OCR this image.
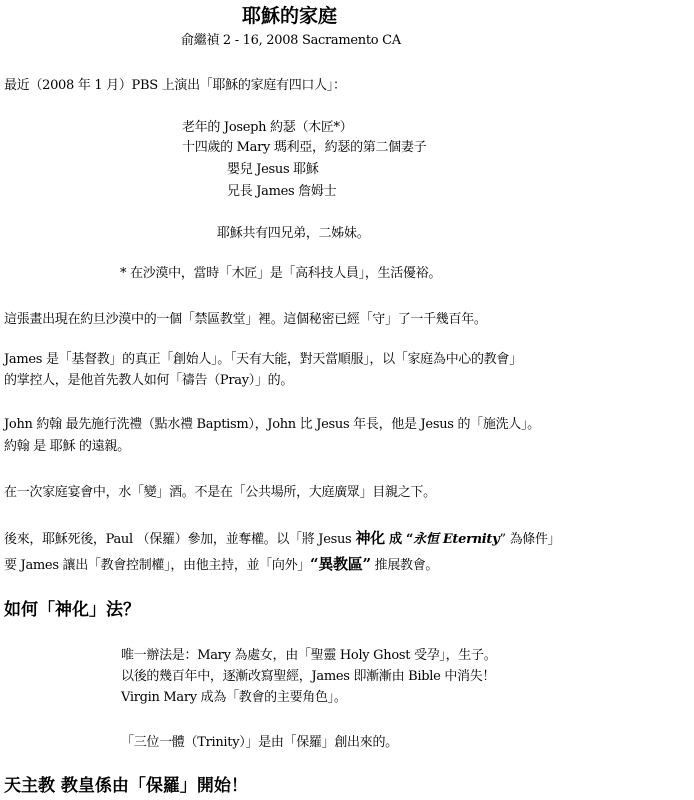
耶穌的家庭
俞繼禎 2 - 16, 2008 Sacramento CA
最近（2008 年 1 月）PBS 上演出「耶穌的家庭有四口人」：
老年的 Joseph 約瑟（木匠*）
十四歲的 Mary 瑪利亞，約瑟的第二個妻子
嬰兒 Jesus 耶穌
兄長 James 詹姆士
耶穌共有四兄弟，二姊妹。
* 在沙漠中，當時「木匠」是「高科技人員」，生活優裕。
這張畫出現在約旦沙漠中的一個「禁區教堂」裡。這個秘密已經「守」了一千幾百年。
James 是「基督教」的真正「創始人」。「天有大能，對天當順服」，以「家庭為中心的教會」
的掌控人，是他首先教人如何「禱告（Pray）」的。
John 約翰 最先施行洗禮（點水禮 Baptism），John 比 Jesus 年長，他是 Jesus 的「施洗人」。
約翰 是 耶穌 的遠親。
在一次家庭宴會中，水「變」酒。不是在「公共場所，大庭廣眾」目親之下。
後來，耶穌死後，Paul （保羅）參加，並奪權。以「將 Jesus 神化 成 “永恒 Eternity” 為條件」
要 James 讓出「教會控制權」，由他主持，並「向外」“異教區” 推展教會。
如何「神化」法？
唯一辦法是：Mary 為處女，由「聖靈 Holy Ghost 受孕」，生子。
以後的幾百年中，逐漸改寫聖經，James 即漸漸由 Bible 中消失！
Virgin Mary 成為「教會的主要角色」。
「三位一體（Trinity）」是由「保羅」創出來的。
天主教 教皇係由「保羅」開始！
